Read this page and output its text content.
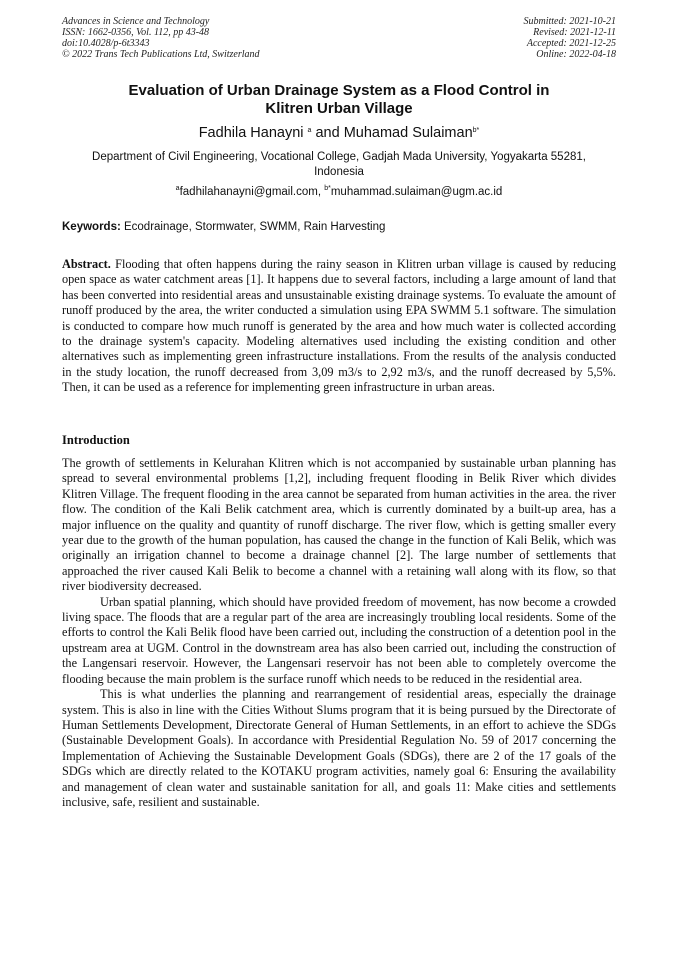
Advances in Science and Technology
ISSN: 1662-0356, Vol. 112, pp 43-48
doi:10.4028/p-6t3343
© 2022 Trans Tech Publications Ltd, Switzerland
Submitted: 2021-10-21
Revised: 2021-12-11
Accepted: 2021-12-25
Online: 2022-04-18
Evaluation of Urban Drainage System as a Flood Control in
Klitren Urban Village
Fadhila Hanayni $^a$ and Muhamad Sulaiman$^{b*}$
Department of Civil Engineering, Vocational College, Gadjah Mada University, Yogyakarta 55281,
Indonesia
$^a$fadhilahanayni@gmail.com, $^{b*}$muhammad.sulaiman@ugm.ac.id
Keywords: Ecodrainage, Stormwater, SWMM, Rain Harvesting

Abstract. Flooding that often happens during the rainy season in Klitren urban village is caused by reducing open space as water catchment areas [1]. It happens due to several factors, including a large amount of land that has been converted into residential areas and unsustainable existing drainage systems. To evaluate the amount of runoff produced by the area, the writer conducted a simulation using EPA SWMM 5.1 software. The simulation is conducted to compare how much runoff is generated by the area and how much water is collected according to the drainage system's capacity. Modeling alternatives used including the existing condition and other alternatives such as implementing green infrastructure installations. From the results of the analysis conducted in the study location, the runoff decreased from 3,09 m3/s to 2,92 m3/s, and the runoff decreased by 5,5%. Then, it can be used as a reference for implementing green infrastructure in urban areas.

Introduction

The growth of settlements in Kelurahan Klitren which is not accompanied by sustainable urban planning has spread to several environmental problems [1,2], including frequent flooding in Belik River which divides Klitren Village. The frequent flooding in the area cannot be separated from human activities in the area. the river flow. The condition of the Kali Belik catchment area, which is currently dominated by a built-up area, has a major influence on the quality and quantity of runoff discharge. The river flow, which is getting smaller every year due to the growth of the human population, has caused the change in the function of Kali Belik, which was originally an irrigation channel to become a drainage channel [2]. The large number of settlements that approached the river caused Kali Belik to become a channel with a retaining wall along with its flow, so that river biodiversity decreased.

Urban spatial planning, which should have provided freedom of movement, has now become a crowded living space. The floods that are a regular part of the area are increasingly troubling local residents. Some of the efforts to control the Kali Belik flood have been carried out, including the construction of a detention pool in the upstream area at UGM. Control in the downstream area has also been carried out, including the construction of the Langensari reservoir. However, the Langensari reservoir has not been able to completely overcome the flooding because the main problem is the surface runoff which needs to be reduced in the residential area.

This is what underlies the planning and rearrangement of residential areas, especially the drainage system. This is also in line with the Cities Without Slums program that it is being pursued by the Directorate of Human Settlements Development, Directorate General of Human Settlements, in an effort to achieve the SDGs (Sustainable Development Goals). In accordance with Presidential Regulation No. 59 of 2017 concerning the Implementation of Achieving the Sustainable Development Goals (SDGs), there are 2 of the 17 goals of the SDGs which are directly related to the KOTAKU program activities, namely goal 6: Ensuring the availability and management of clean water and sustainable sanitation for all, and goals 11: Make cities and settlements inclusive, safe, resilient and sustainable.
